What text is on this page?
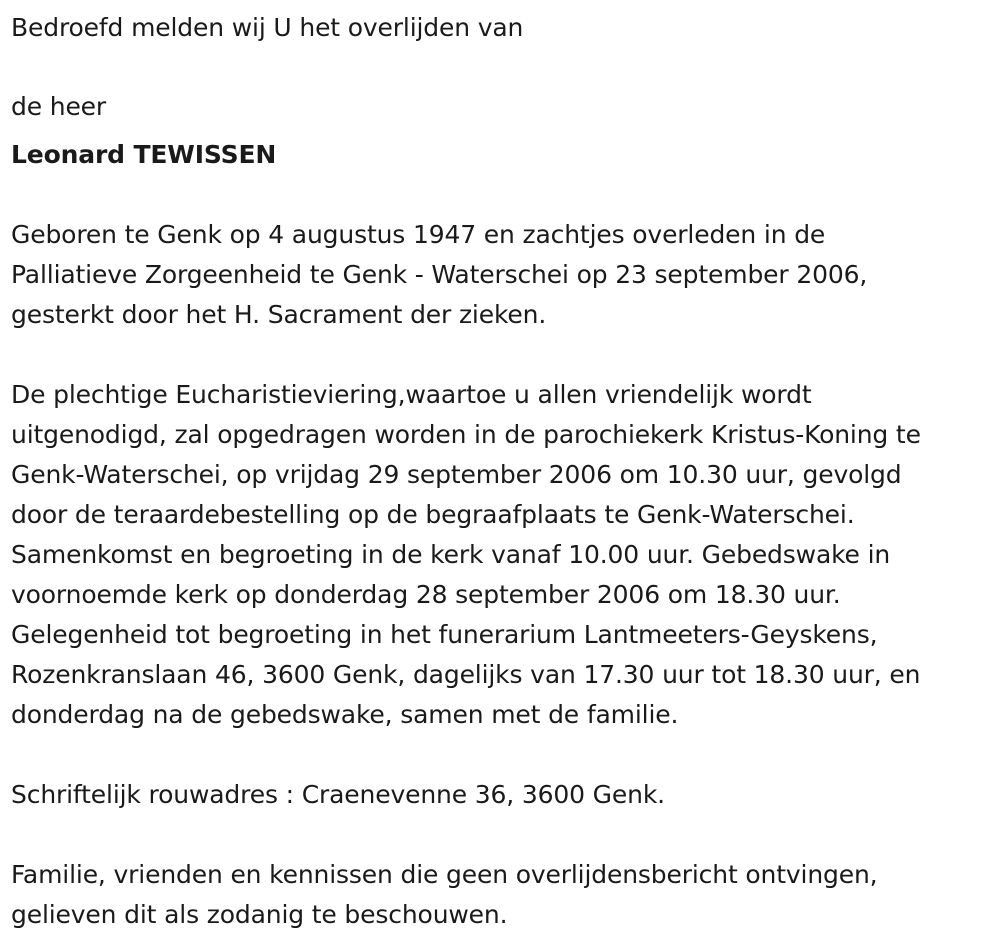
Bedroefd melden wij U het overlijden van
de heer
Leonard TEWISSEN
Geboren te Genk op 4 augustus 1947 en zachtjes overleden in de
Palliatieve Zorgeenheid te Genk - Waterschei op 23 september 2006,
gesterkt door het H. Sacrament der zieken.
De plechtige Eucharistieviering,waartoe u allen vriendelijk wordt
uitgenodigd, zal opgedragen worden in de parochiekerk Kristus-Koning te
Genk-Waterschei, op vrijdag 29 september 2006 om 10.30 uur, gevolgd
door de teraardebestelling op de begraafplaats te Genk-Waterschei.
Samenkomst en begroeting in de kerk vanaf 10.00 uur. Gebedswake in
voornoemde kerk op donderdag 28 september 2006 om 18.30 uur.
Gelegenheid tot begroeting in het funerarium Lantmeeters-Geyskens,
Rozenkranslaan 46, 3600 Genk, dagelijks van 17.30 uur tot 18.30 uur, en
donderdag na de gebedswake, samen met de familie.
Schriftelijk rouwadres : Craenevenne 36, 3600 Genk.
Familie, vrienden en kennissen die geen overlijdensbericht ontvingen,
gelieven dit als zodanig te beschouwen.
